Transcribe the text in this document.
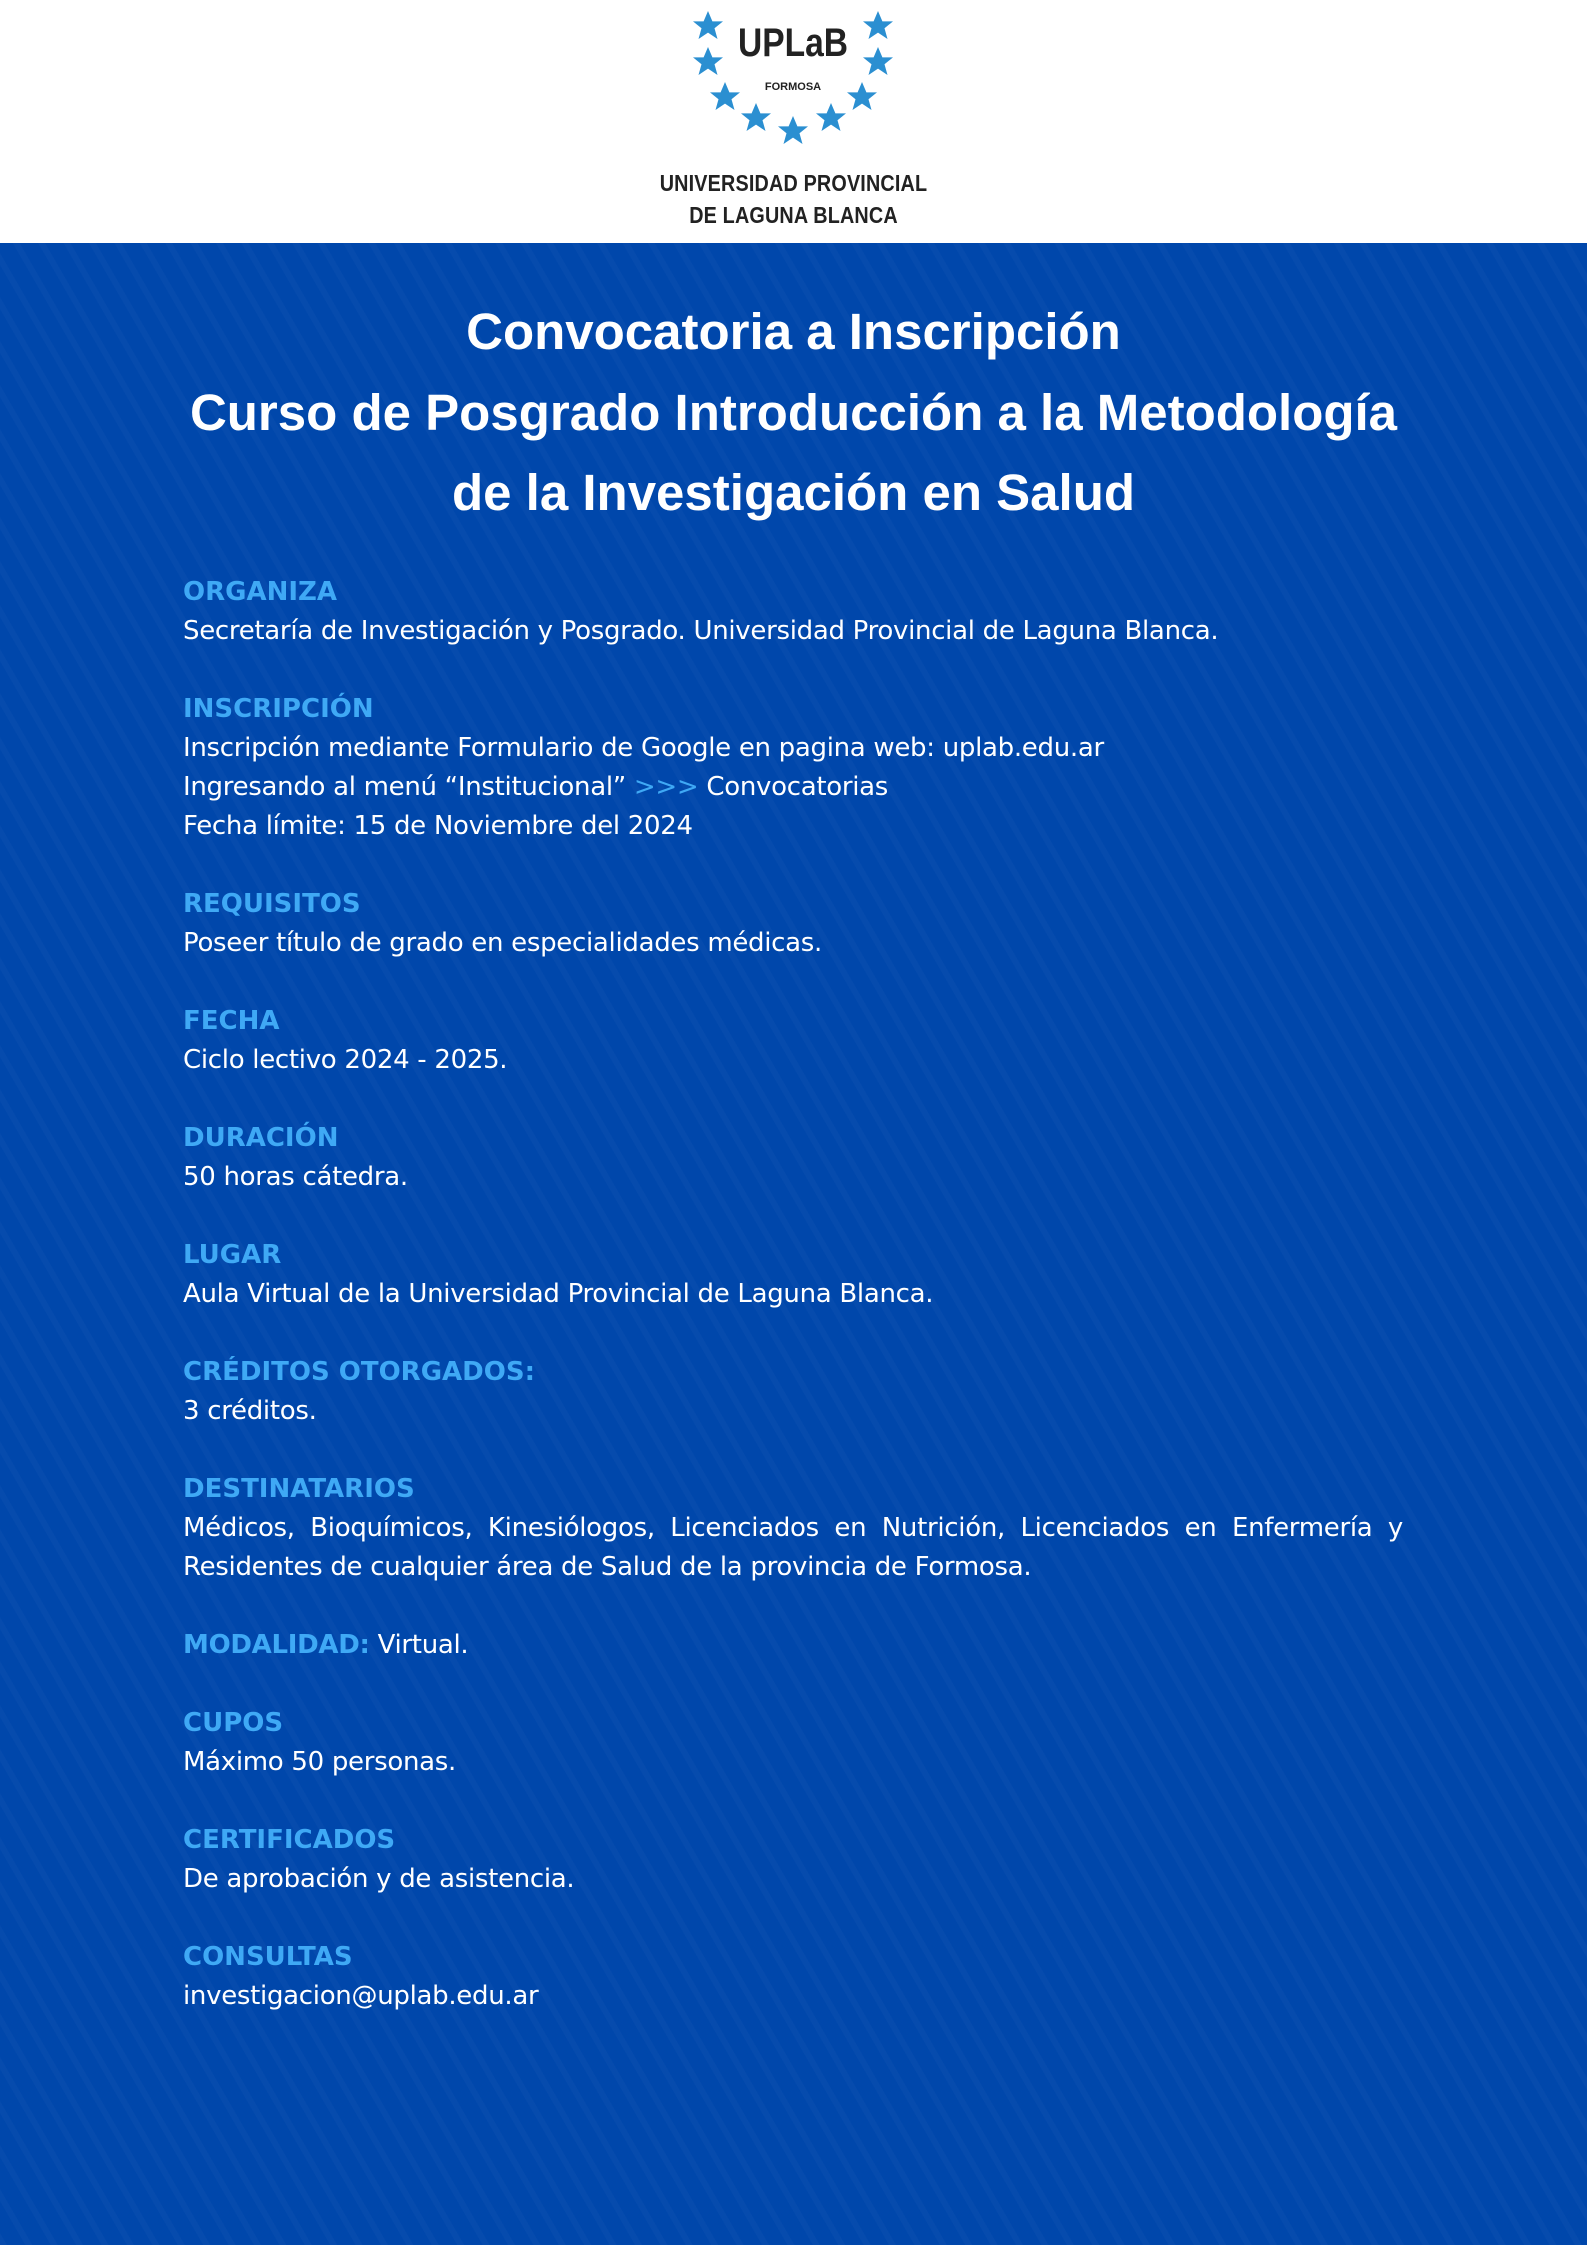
UPLaB
FORMOSA
UNIVERSIDAD PROVINCIAL
DE LAGUNA BLANCA
Convocatoria a Inscripción
Curso de Posgrado Introducción a la Metodología
de la Investigación en Salud
ORGANIZA
Secretaría de Investigación y Posgrado. Universidad Provincial de Laguna Blanca.
INSCRIPCIÓN
Inscripción mediante Formulario de Google en pagina web: uplab.edu.ar
Ingresando al menú “Institucional” >>> Convocatorias
Fecha límite: 15 de Noviembre del 2024
REQUISITOS
Poseer título de grado en especialidades médicas.
FECHA
Ciclo lectivo 2024 - 2025.
DURACIÓN
50 horas cátedra.
LUGAR
Aula Virtual de la Universidad Provincial de Laguna Blanca.
CRÉDITOS OTORGADOS:
3 créditos.
DESTINATARIOS
Médicos, Bioquímicos, Kinesiólogos, Licenciados en Nutrición, Licenciados en Enfermería y Residentes de cualquier área de Salud de la provincia de Formosa.
MODALIDAD: Virtual.
CUPOS
Máximo 50 personas.
CERTIFICADOS
De aprobación y de asistencia.
CONSULTAS
investigacion@uplab.edu.ar
